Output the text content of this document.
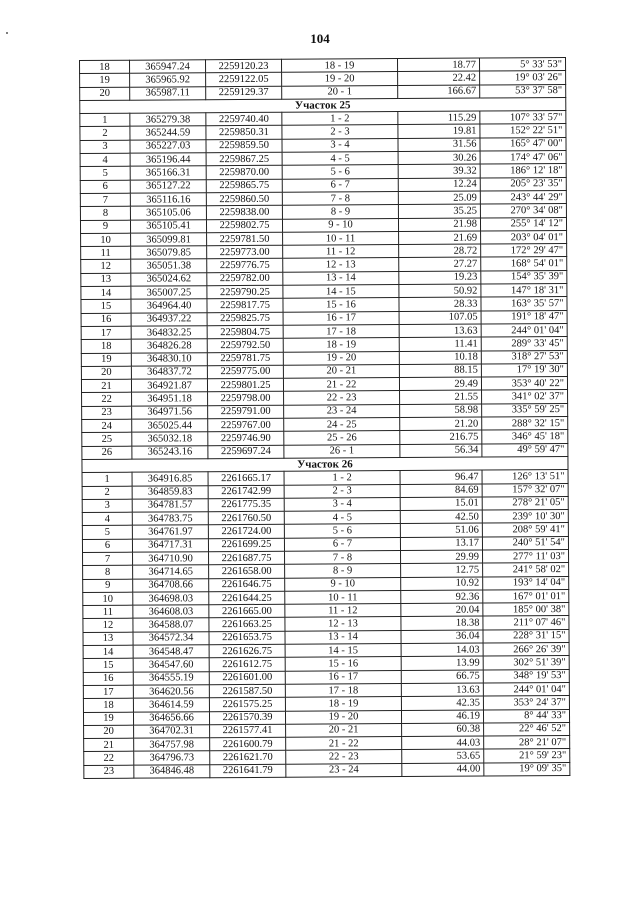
104
18	365947.24	2259120.23	18 - 19	18.77	5° 33' 53"
19	365965.92	2259122.05	19 - 20	22.42	19° 03' 26"
20	365987.11	2259129.37	20 - 1	166.67	53° 37' 58"
Участок 25					
1	365279.38	2259740.40	1 - 2	115.29	107° 33' 57"
2	365244.59	2259850.31	2 - 3	19.81	152° 22' 51"
3	365227.03	2259859.50	3 - 4	31.56	165° 47' 00"
4	365196.44	2259867.25	4 - 5	30.26	174° 47' 06"
5	365166.31	2259870.00	5 - 6	39.32	186° 12' 18"
6	365127.22	2259865.75	6 - 7	12.24	205° 23' 35"
7	365116.16	2259860.50	7 - 8	25.09	243° 44' 29"
8	365105.06	2259838.00	8 - 9	35.25	270° 34' 08"
9	365105.41	2259802.75	9 - 10	21.98	255° 14' 12"
10	365099.81	2259781.50	10 - 11	21.69	203° 04' 01"
11	365079.85	2259773.00	11 - 12	28.72	172° 29' 47"
12	365051.38	2259776.75	12 - 13	27.27	168° 54' 01"
13	365024.62	2259782.00	13 - 14	19.23	154° 35' 39"
14	365007.25	2259790.25	14 - 15	50.92	147° 18' 31"
15	364964.40	2259817.75	15 - 16	28.33	163° 35' 57"
16	364937.22	2259825.75	16 - 17	107.05	191° 18' 47"
17	364832.25	2259804.75	17 - 18	13.63	244° 01' 04"
18	364826.28	2259792.50	18 - 19	11.41	289° 33' 45"
19	364830.10	2259781.75	19 - 20	10.18	318° 27' 53"
20	364837.72	2259775.00	20 - 21	88.15	17° 19' 30"
21	364921.87	2259801.25	21 - 22	29.49	353° 40' 22"
22	364951.18	2259798.00	22 - 23	21.55	341° 02' 37"
23	364971.56	2259791.00	23 - 24	58.98	335° 59' 25"
24	365025.44	2259767.00	24 - 25	21.20	288° 32' 15"
25	365032.18	2259746.90	25 - 26	216.75	346° 45' 18"
26	365243.16	2259697.24	26 - 1	56.34	49° 59' 47"
Участок 26					
1	364916.85	2261665.17	1 - 2	96.47	126° 13' 51"
2	364859.83	2261742.99	2 - 3	84.69	157° 32' 07"
3	364781.57	2261775.35	3 - 4	15.01	278° 21' 05"
4	364783.75	2261760.50	4 - 5	42.50	239° 10' 30"
5	364761.97	2261724.00	5 - 6	51.06	208° 59' 41"
6	364717.31	2261699.25	6 - 7	13.17	240° 51' 54"
7	364710.90	2261687.75	7 - 8	29.99	277° 11' 03"
8	364714.65	2261658.00	8 - 9	12.75	241° 58' 02"
9	364708.66	2261646.75	9 - 10	10.92	193° 14' 04"
10	364698.03	2261644.25	10 - 11	92.36	167° 01' 01"
11	364608.03	2261665.00	11 - 12	20.04	185° 00' 38"
12	364588.07	2261663.25	12 - 13	18.38	211° 07' 46"
13	364572.34	2261653.75	13 - 14	36.04	228° 31' 15"
14	364548.47	2261626.75	14 - 15	14.03	266° 26' 39"
15	364547.60	2261612.75	15 - 16	13.99	302° 51' 39"
16	364555.19	2261601.00	16 - 17	66.75	348° 19' 53"
17	364620.56	2261587.50	17 - 18	13.63	244° 01' 04"
18	364614.59	2261575.25	18 - 19	42.35	353° 24' 37"
19	364656.66	2261570.39	19 - 20	46.19	8° 44' 33"
20	364702.31	2261577.41	20 - 21	60.38	22° 46' 52"
21	364757.98	2261600.79	21 - 22	44.03	28° 21' 07"
22	364796.73	2261621.70	22 - 23	53.65	21° 59' 23"
23	364846.48	2261641.79	23 - 24	44.00	19° 09' 35"
